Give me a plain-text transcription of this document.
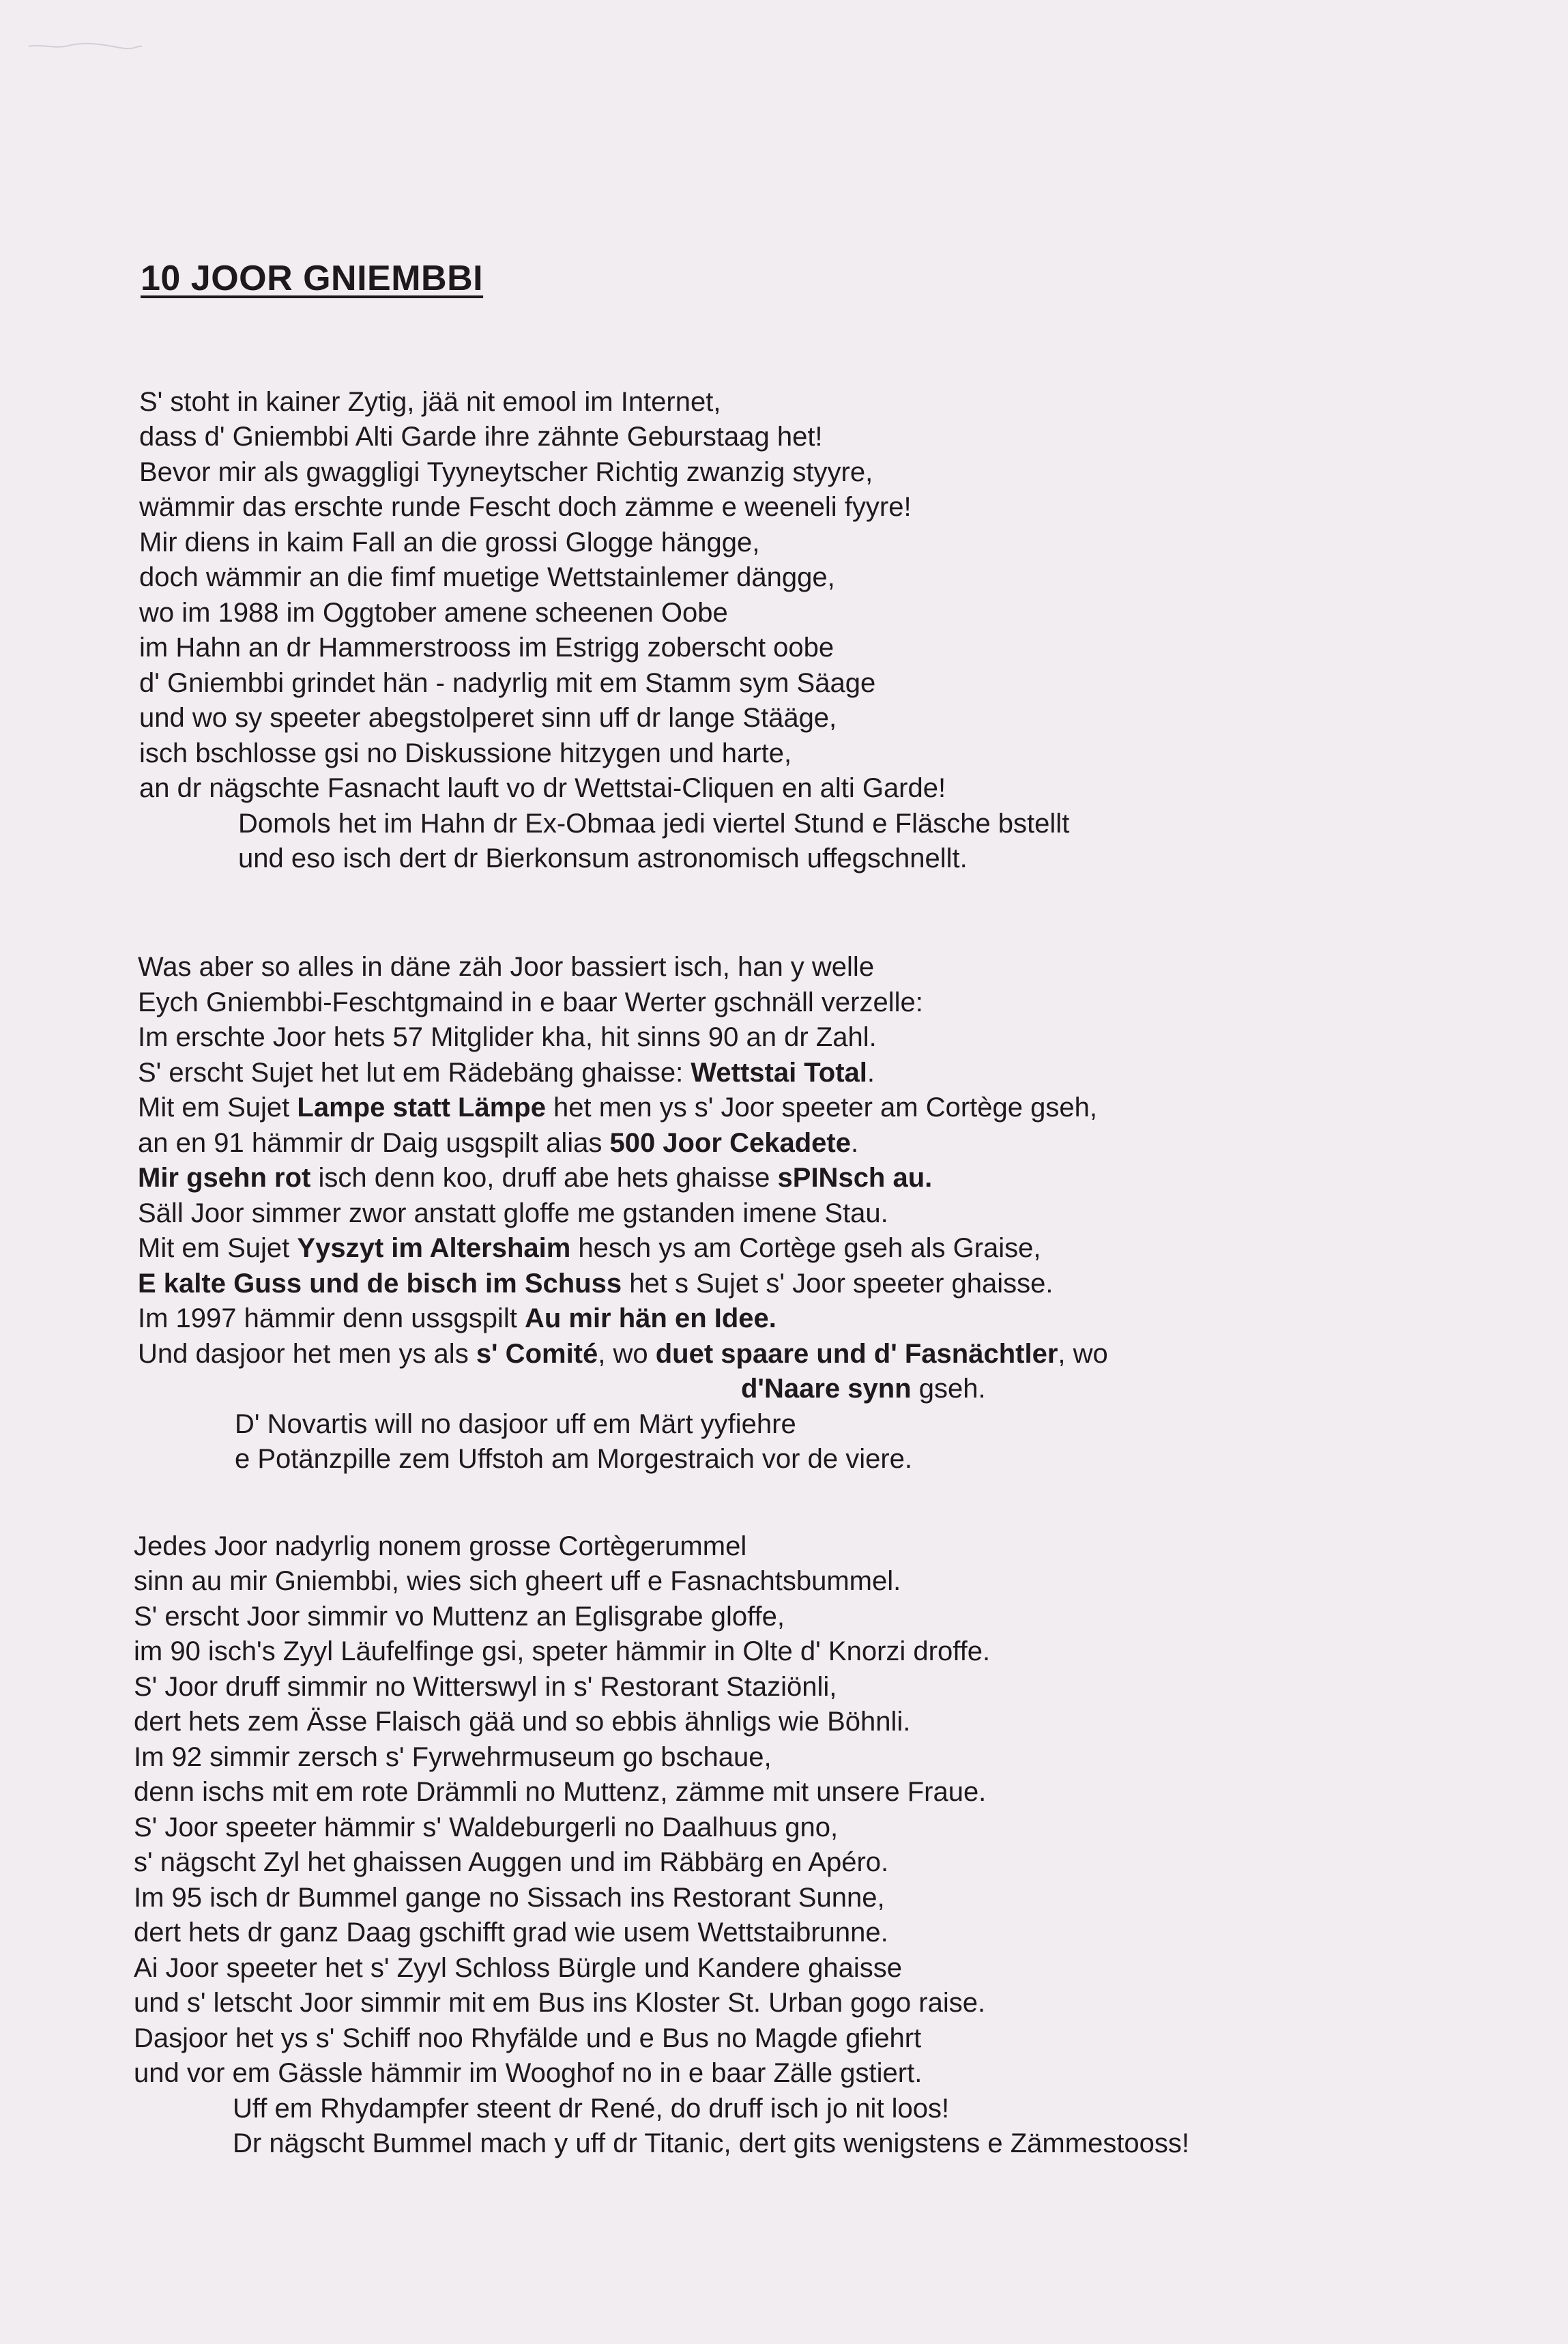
10 JOOR GNIEMBBI
S' stoht in kainer Zytig, jää nit emool im Internet,
dass d' Gniembbi Alti Garde ihre zähnte Geburstaag het!
Bevor mir als gwaggligi Tyyneytscher Richtig zwanzig styyre,
wämmir das erschte runde Fescht doch zämme e weeneli fyyre!
Mir diens in kaim Fall an die grossi Glogge hängge,
doch wämmir an die fimf muetige Wettstainlemer dängge,
wo im 1988 im Oggtober amene scheenen Oobe
im Hahn an dr Hammerstrooss im Estrigg zoberscht oobe
d' Gniembbi grindet hän - nadyrlig mit em Stamm sym Säage
und wo sy speeter abegstolperet sinn uff dr lange Stääge,
isch bschlosse gsi no Diskussione hitzygen und harte,
an dr nägschte Fasnacht lauft vo dr Wettstai-Cliquen en alti Garde!
Domols het im Hahn dr Ex-Obmaa jedi viertel Stund e Fläsche bstellt
und eso isch dert dr Bierkonsum astronomisch uffegschnellt.
Was aber so alles in däne zäh Joor bassiert isch, han y welle
Eych Gniembbi-Feschtgmaind in e baar Werter gschnäll verzelle:
Im erschte Joor hets 57 Mitglider kha, hit sinns 90 an dr Zahl.
S' erscht Sujet het lut em Rädebäng ghaisse: Wettstai Total.
Mit em Sujet Lampe statt Lämpe het men ys s' Joor speeter am Cortège gseh,
an en 91 hämmir dr Daig usgspilt alias 500 Joor Cekadete.
Mir gsehn rot isch denn koo, druff abe hets ghaisse sPINsch au.
Säll Joor simmer zwor anstatt gloffe me gstanden imene Stau.
Mit em Sujet Yyszyt im Altershaim hesch ys am Cortège gseh als Graise,
E kalte Guss und de bisch im Schuss het s Sujet s' Joor speeter ghaisse.
Im 1997 hämmir denn ussgspilt Au mir hän en Idee.
Und dasjoor het men ys als s' Comité, wo duet spaare und d' Fasnächtler, wo
d'Naare synn gseh.
D' Novartis will no dasjoor uff em Märt yyfiehre
e Potänzpille zem Uffstoh am Morgestraich vor de viere.
Jedes Joor nadyrlig nonem grosse Cortègerummel
sinn au mir Gniembbi, wies sich gheert uff e Fasnachtsbummel.
S' erscht Joor simmir vo Muttenz an Eglisgrabe gloffe,
im 90 isch's Zyyl Läufelfinge gsi, speter hämmir in Olte d' Knorzi droffe.
S' Joor druff simmir no Witterswyl in s' Restorant Staziönli,
dert hets zem Ässe Flaisch gää und so ebbis ähnligs wie Böhnli.
Im 92 simmir zersch s' Fyrwehrmuseum go bschaue,
denn ischs mit em rote Drämmli no Muttenz, zämme mit unsere Fraue.
S' Joor speeter hämmir s' Waldeburgerli no Daalhuus gno,
s' nägscht Zyl het ghaissen Auggen und im Räbbärg en Apéro.
Im 95 isch dr Bummel gange no Sissach ins Restorant Sunne,
dert hets dr ganz Daag gschifft grad wie usem Wettstaibrunne.
Ai Joor speeter het s' Zyyl Schloss Bürgle und Kandere ghaisse
und s' letscht Joor simmir mit em Bus ins Kloster St. Urban gogo raise.
Dasjoor het ys s' Schiff noo Rhyfälde und e Bus no Magde gfiehrt
und vor em Gässle hämmir im Wooghof no in e baar Zälle gstiert.
Uff em Rhydampfer steent dr René, do druff isch jo nit loos!
Dr nägscht Bummel mach y uff dr Titanic, dert gits wenigstens e Zämmestooss!
